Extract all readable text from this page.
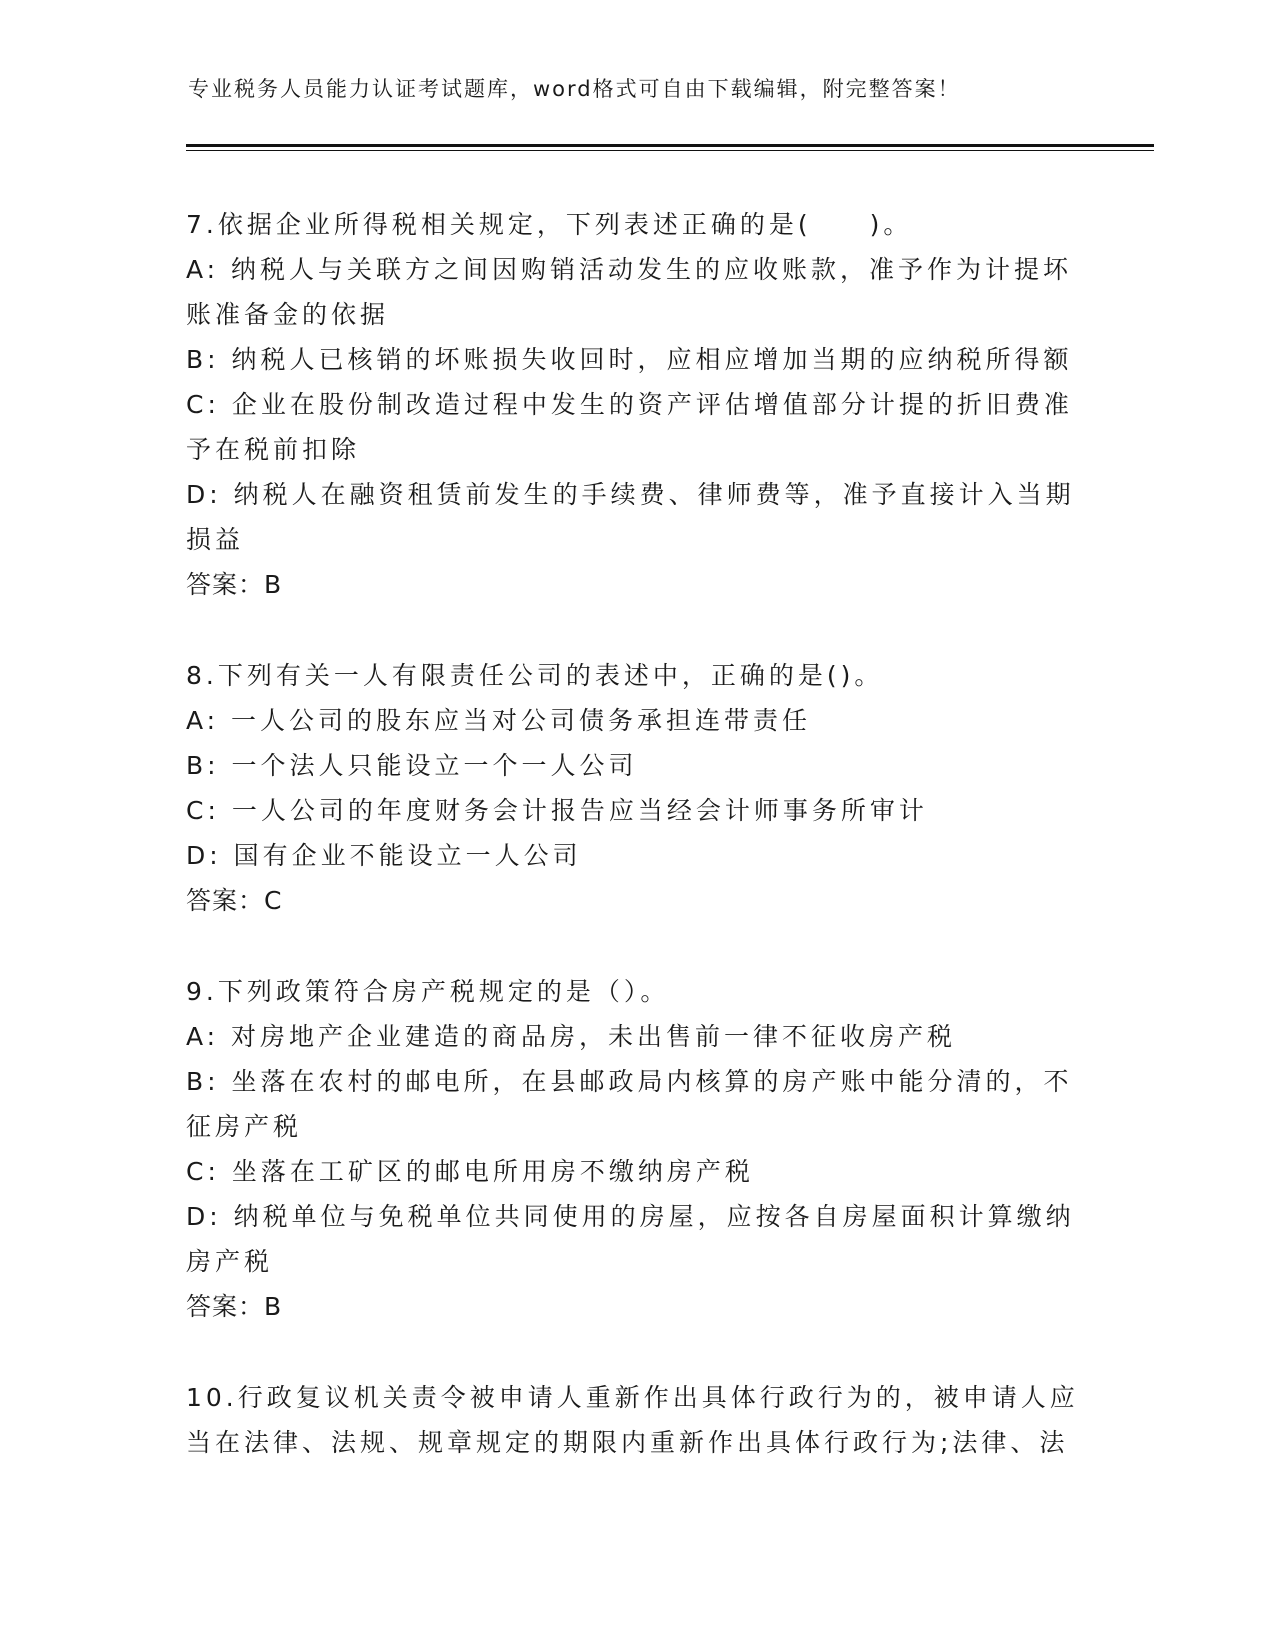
专业税务人员能力认证考试题库，word格式可自由下载编辑，附完整答案！

7.依据企业所得税相关规定，下列表述正确的是(　　)。

A: 纳税人与关联方之间因购销活动发生的应收账款，准予作为计提坏账准备金的依据

B: 纳税人已核销的坏账损失收回时，应相应增加当期的应纳税所得额

C: 企业在股份制改造过程中发生的资产评估增值部分计提的折旧费准予在税前扣除

D: 纳税人在融资租赁前发生的手续费、律师费等，准予直接计入当期损益

答案：B

8.下列有关一人有限责任公司的表述中，正确的是()。

A: 一人公司的股东应当对公司债务承担连带责任

B: 一个法人只能设立一个一人公司

C: 一人公司的年度财务会计报告应当经会计师事务所审计

D: 国有企业不能设立一人公司

答案：C

9.下列政策符合房产税规定的是（）。

A: 对房地产企业建造的商品房，未出售前一律不征收房产税

B: 坐落在农村的邮电所，在县邮政局内核算的房产账中能分清的，不征房产税

C: 坐落在工矿区的邮电所用房不缴纳房产税

D: 纳税单位与免税单位共同使用的房屋，应按各自房屋面积计算缴纳房产税

答案：B

10.行政复议机关责令被申请人重新作出具体行政行为的，被申请人应当在法律、法规、规章规定的期限内重新作出具体行政行为;法律、法
